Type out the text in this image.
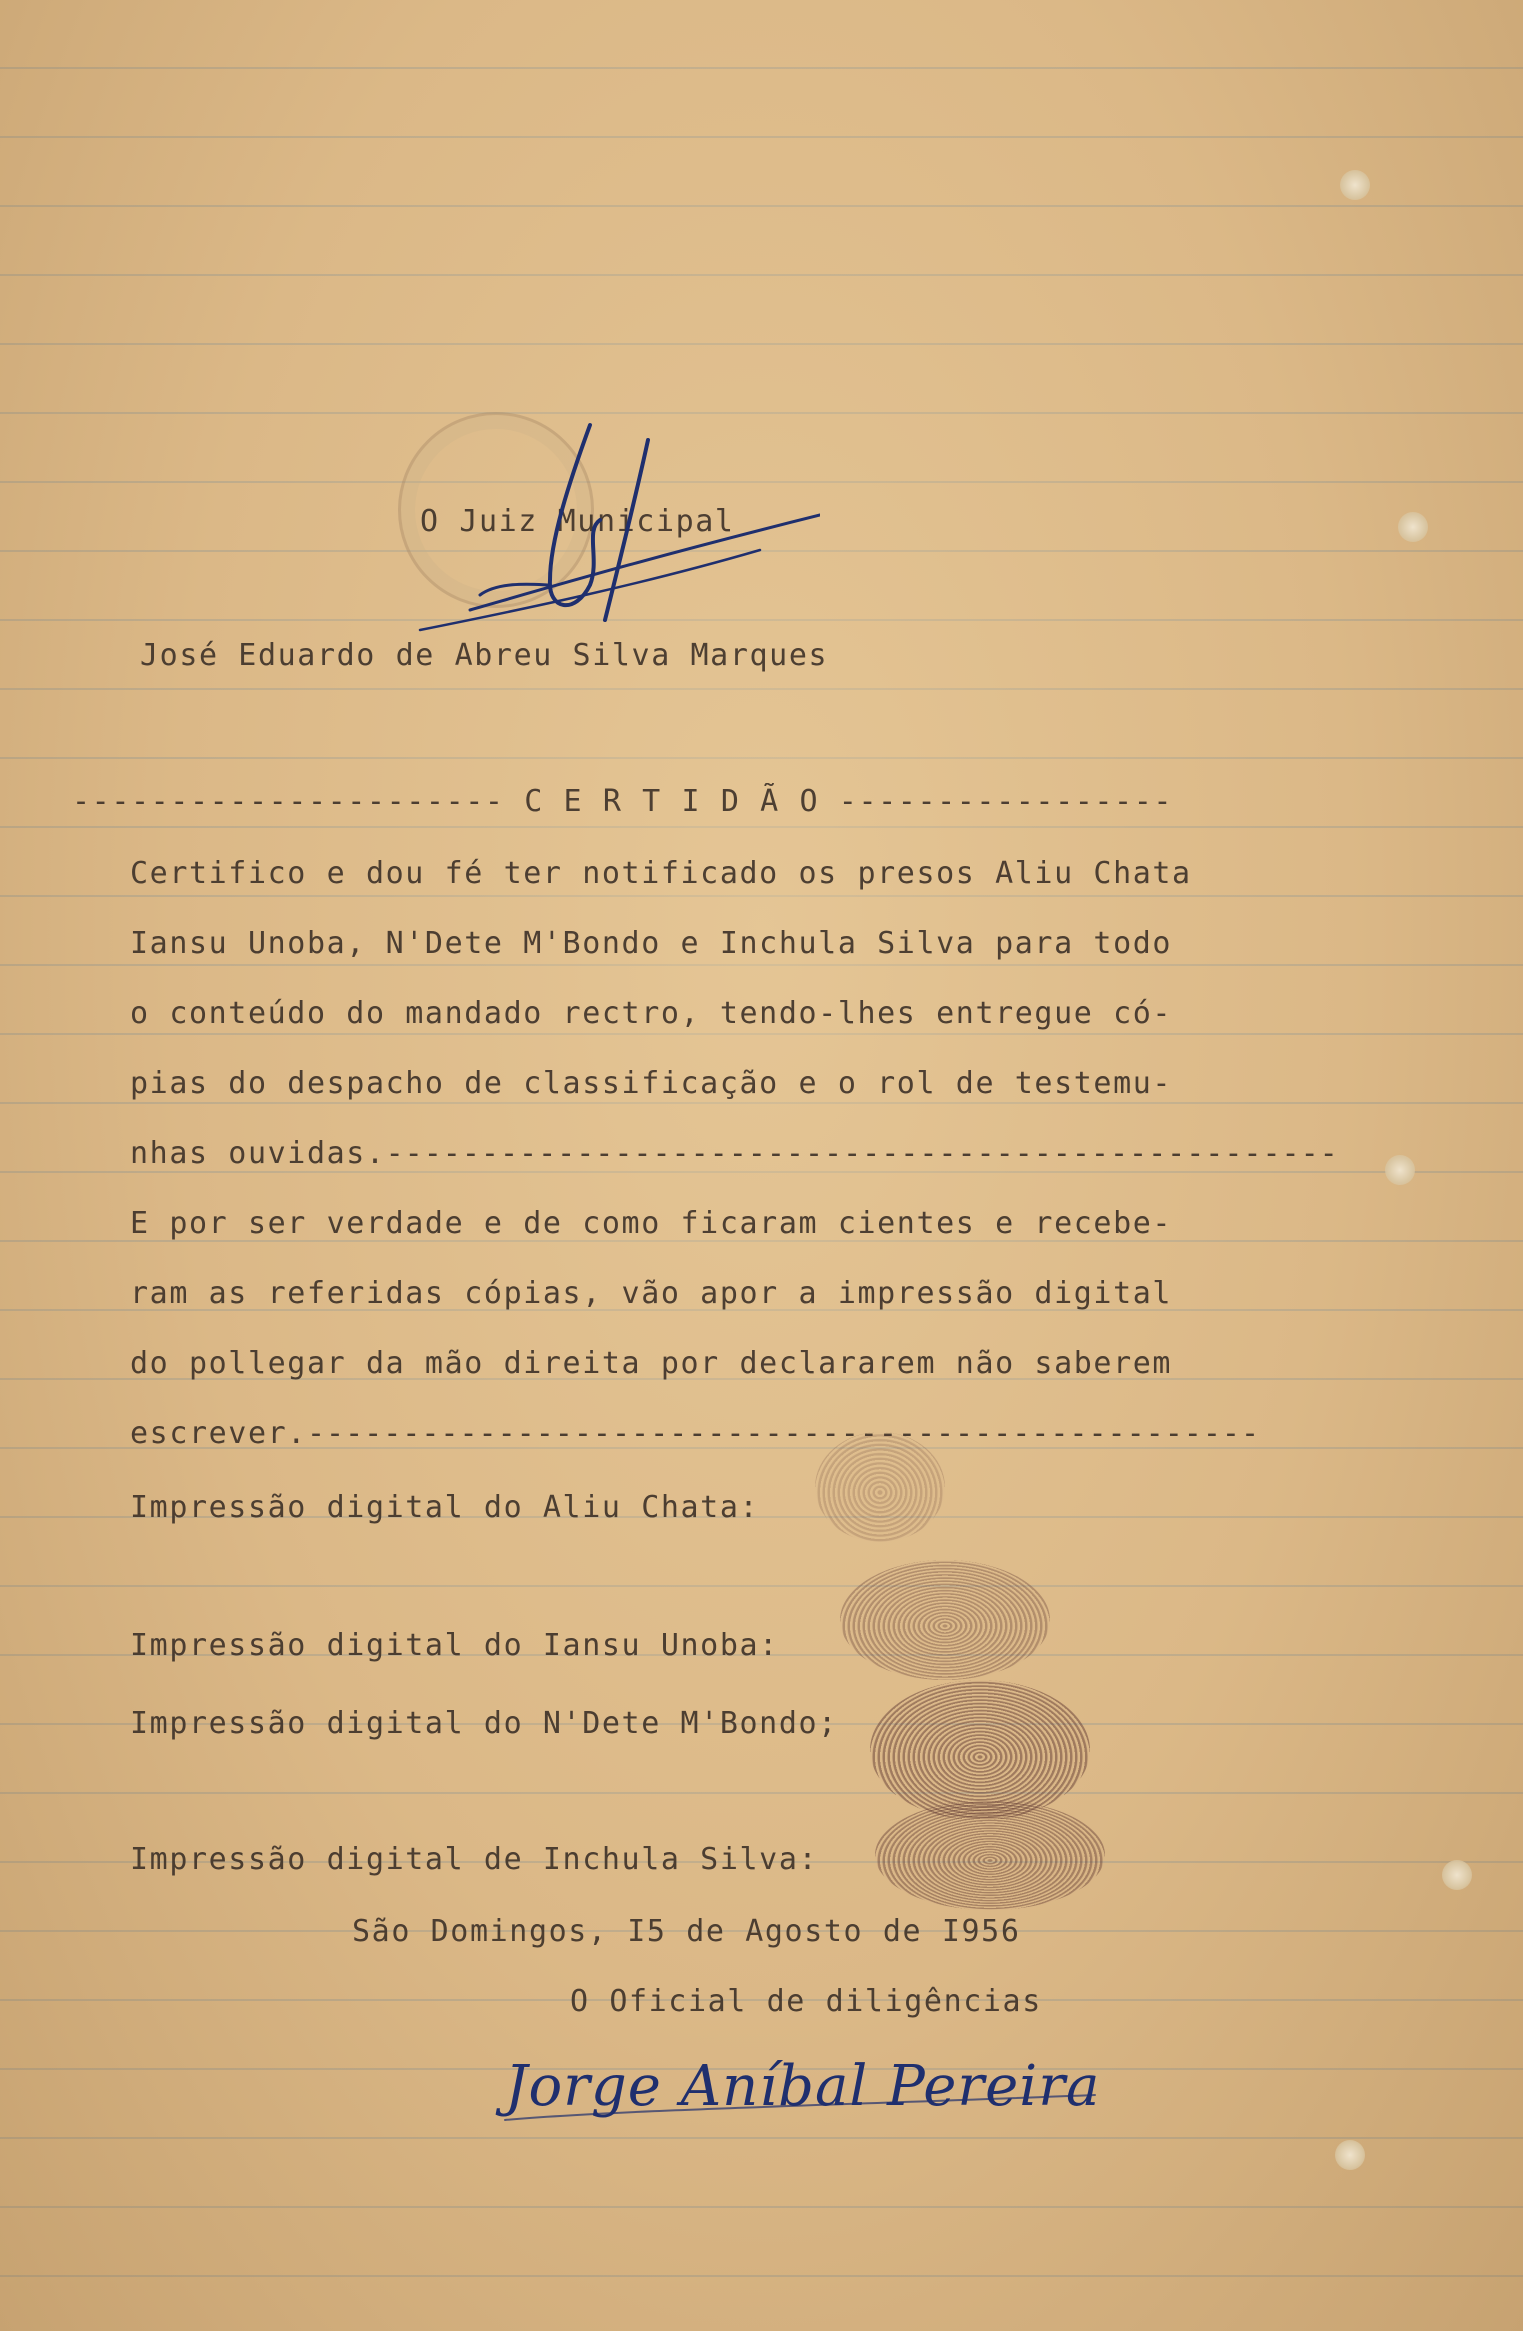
O Juiz Municipal
José Eduardo de Abreu Silva Marques
---------------------- C E R T I D Ã O -----------------
Certifico e dou fé ter notificado os presos Aliu Chata
Iansu Unoba, N'Dete M'Bondo e Inchula Silva para todo
o conteúdo do mandado rectro, tendo-lhes entregue có-
pias do despacho de classificação e o rol de testemu-
nhas ouvidas. -----
E por ser verdade e de como ficaram cientes e recebe-
ram as referidas cópias, vão apor a impressão digital
do pollegar da mão direita por declararem não saberem
escrever. -----
Impressão digital do Aliu Chata:
Impressão digital do Iansu Unoba:
Impressão digital do N'Dete M'Bondo;
Impressão digital de Inchula Silva:
São Domingos, I5 de Agosto de I956
O Oficial de diligências
Jorge Aníbal Pereira
